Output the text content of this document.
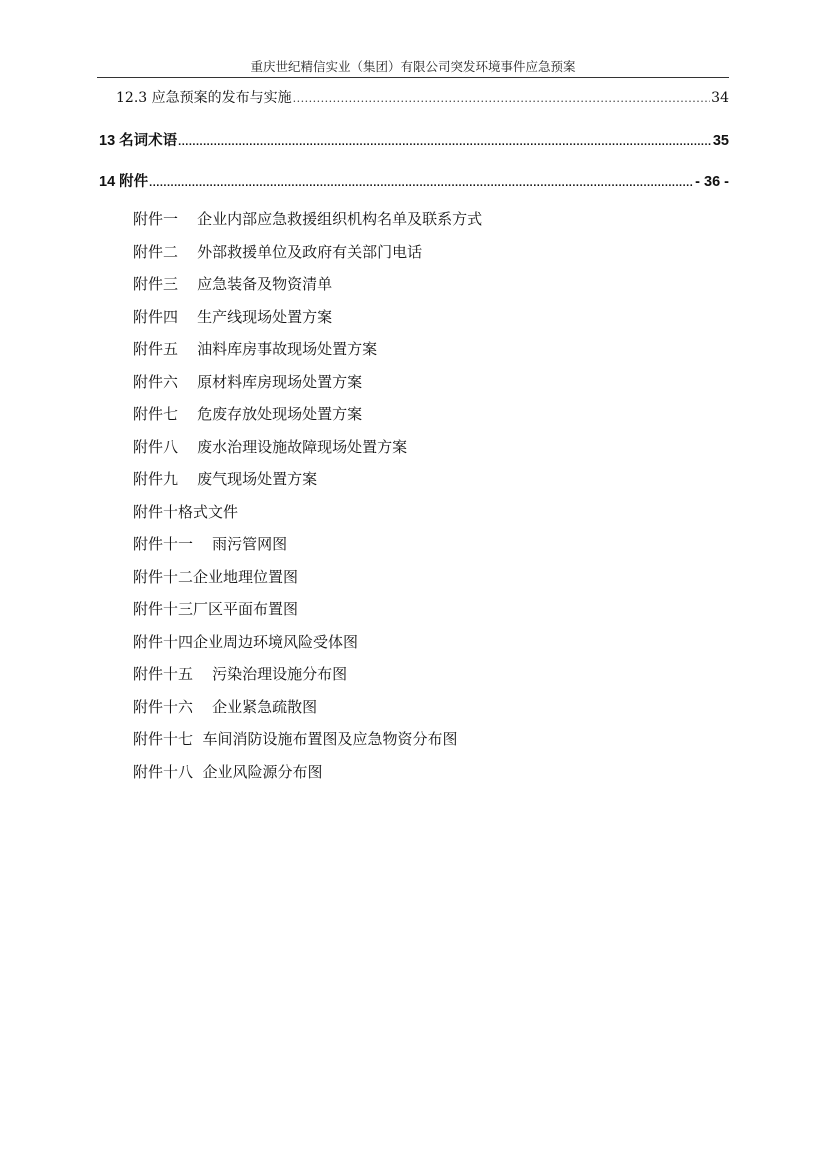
重庆世纪精信实业（集团）有限公司突发环境事件应急预案
12.3 应急预案的发布与实施 .....	34
13 名词术语 .....	35
14 附件 .....	- 36 -
附件一    企业内部应急救援组织机构名单及联系方式
附件二    外部救援单位及政府有关部门电话
附件三    应急装备及物资清单
附件四    生产线现场处置方案
附件五    油料库房事故现场处置方案
附件六    原材料库房现场处置方案
附件七    危废存放处现场处置方案
附件八    废水治理设施故障现场处置方案
附件九    废气现场处置方案
附件十格式文件
附件十一    雨污管网图
附件十二企业地理位置图
附件十三厂区平面布置图
附件十四企业周边环境风险受体图
附件十五    污染治理设施分布图
附件十六    企业紧急疏散图
附件十七  车间消防设施布置图及应急物资分布图
附件十八  企业风险源分布图
